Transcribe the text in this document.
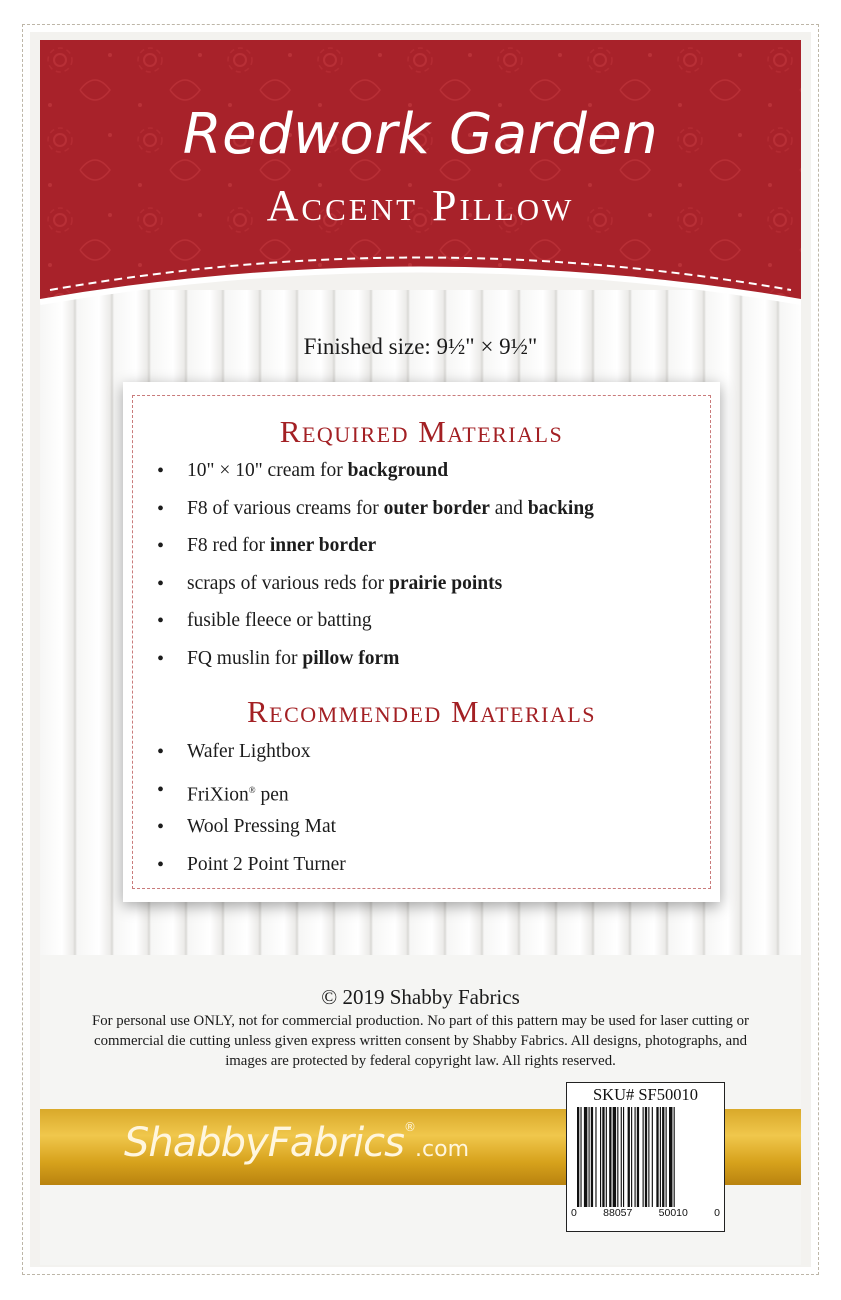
Redwork Garden
Accent Pillow
Finished size: 9½" × 9½"
Required Materials
• 10" × 10" cream for background
• F8 of various creams for outer border and backing
• F8 red for inner border
• scraps of various reds for prairie points
• fusible fleece or batting
• FQ muslin for pillow form
Recommended Materials
• Wafer Lightbox
• FriXion® pen
• Wool Pressing Mat
• Point 2 Point Turner
© 2019 Shabby Fabrics
For personal use ONLY, not for commercial production. No part of this pattern may be used for laser cutting or commercial die cutting unless given express written consent by Shabby Fabrics. All designs, photographs, and images are protected by federal copyright law. All rights reserved.
ShabbyFabrics®.com
SKU# SF50010
0	88057	50010	0
